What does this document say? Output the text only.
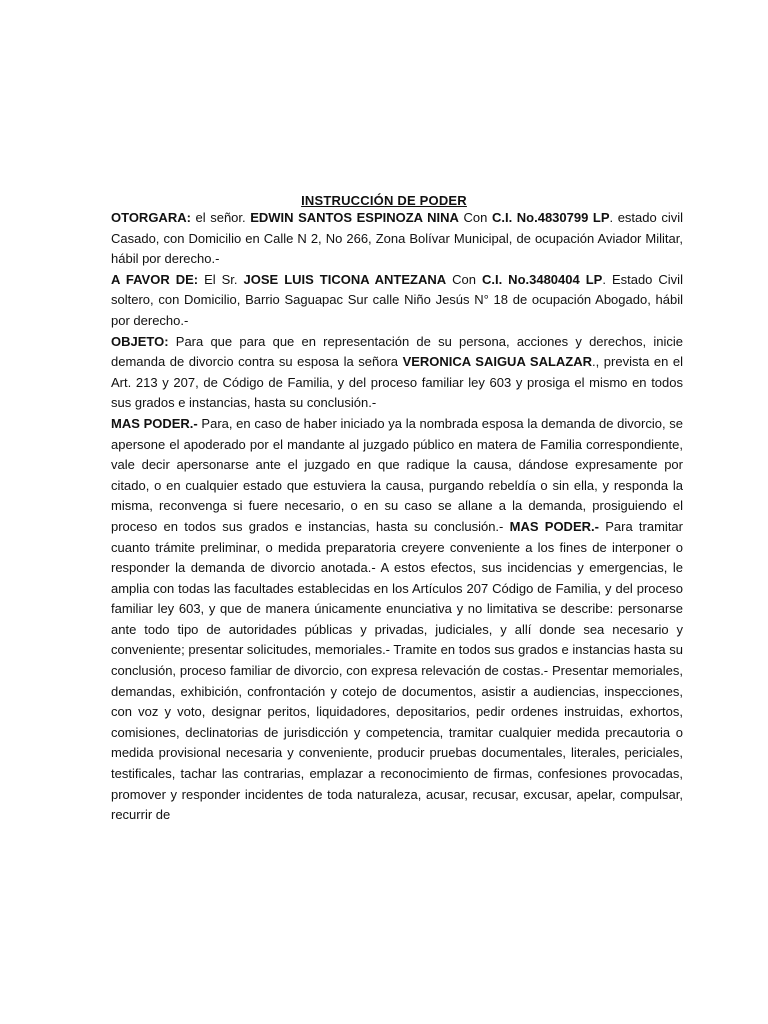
INSTRUCCIÓN DE PODER

OTORGARA: el señor. EDWIN SANTOS ESPINOZA NINA Con C.I. No.4830799 LP. estado civil Casado, con Domicilio en Calle N 2, No 266, Zona Bolívar Municipal, de ocupación Aviador Militar, hábil por derecho.-

A FAVOR DE: El Sr. JOSE LUIS TICONA ANTEZANA Con C.I. No.3480404 LP. Estado Civil soltero, con Domicilio, Barrio Saguapac Sur calle Niño Jesús N° 18 de ocupación Abogado, hábil por derecho.-

OBJETO: Para que para que en representación de su persona, acciones y derechos, inicie demanda de divorcio contra su esposa la señora VERONICA SAIGUA SALAZAR., prevista en el Art. 213 y 207, de Código de Familia, y del proceso familiar ley 603 y prosiga el mismo en todos sus grados e instancias, hasta su conclusión.-

MAS PODER.- Para, en caso de haber iniciado ya la nombrada esposa la demanda de divorcio, se apersone el apoderado por el mandante al juzgado público en matera de Familia correspondiente, vale decir apersonarse ante el juzgado en que radique la causa, dándose expresamente por citado, o en cualquier estado que estuviera la causa, purgando rebeldía o sin ella, y responda la misma, reconvenga si fuere necesario, o en su caso se allane a la demanda, prosiguiendo el proceso en todos sus grados e instancias, hasta su conclusión.- MAS PODER.- Para tramitar cuanto trámite preliminar, o medida preparatoria creyere conveniente a los fines de interponer o responder la demanda de divorcio anotada.- A estos efectos, sus incidencias y emergencias, le amplia con todas las facultades establecidas en los Artículos 207 Código de Familia, y del proceso familiar ley 603, y que de manera únicamente enunciativa y no limitativa se describe: personarse ante todo tipo de autoridades públicas y privadas, judiciales, y allí donde sea necesario y conveniente; presentar solicitudes, memoriales.- Tramite en todos sus grados e instancias hasta su conclusión, proceso familiar de divorcio, con expresa relevación de costas.- Presentar memoriales, demandas, exhibición, confrontación y cotejo de documentos, asistir a audiencias, inspecciones, con voz y voto, designar peritos, liquidadores, depositarios, pedir ordenes instruidas, exhortos, comisiones, declinatorias de jurisdicción y competencia, tramitar cualquier medida precautoria o medida provisional necesaria y conveniente, producir pruebas documentales, literales, periciales, testificales, tachar las contrarias, emplazar a reconocimiento de firmas, confesiones provocadas, promover y responder incidentes de toda naturaleza, acusar, recusar, excusar, apelar, compulsar, recurrir de
